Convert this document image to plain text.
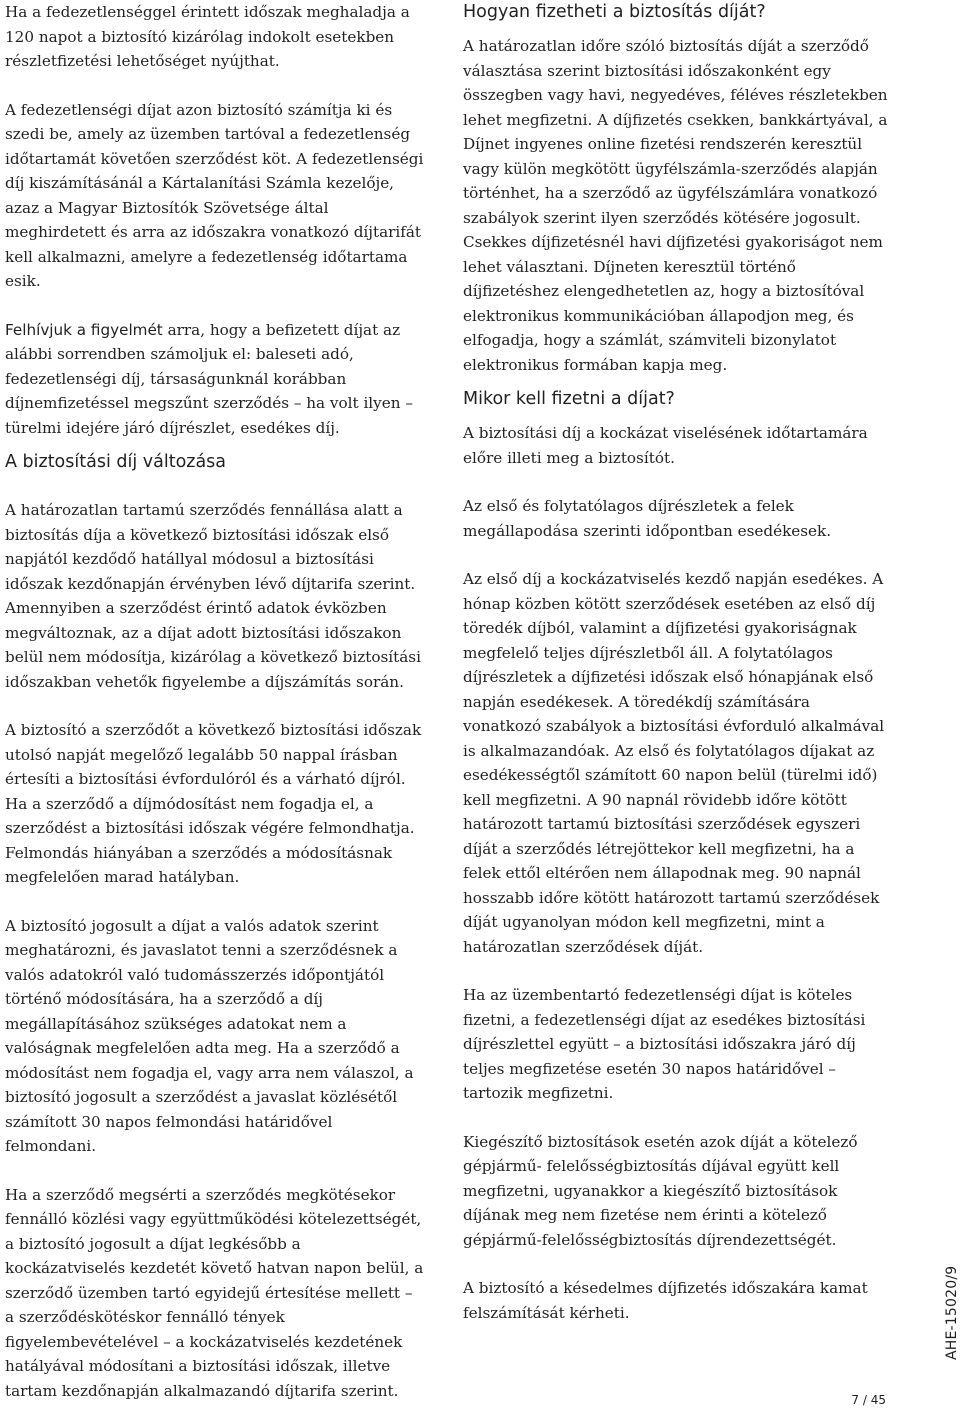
Ha a fedezetlenséggel érintett időszak meghaladja a 120 napot a biztosító kizárólag indokolt esetekben részletfizetési lehetőséget nyújthat.

A fedezetlenségi díjat azon biztosító számítja ki és szedi be, amely az üzemben tartóval a fedezetlenség időtartamát követően szerződést köt. A fedezetlenségi díj kiszámításánál a Kártalanítási Számla kezelője, azaz a Magyar Biztosítók Szövetsége által meghirdetett és arra az időszakra vonatkozó díjtarifát kell alkalmazni, amelyre a fedezetlenség időtartama esik.

Felhívjuk a figyelmét arra, hogy a befizetett díjat az alábbi sorrendben számoljuk el: baleseti adó, fedezetlenségi díj, társaságunknál korábban díjnemfizetéssel megszűnt szerződés – ha volt ilyen – türelmi idejére járó díjrészlet, esedékes díj.

A biztosítási díj változása

A határozatlan tartamú szerződés fennállása alatt a biztosítás díja a következő biztosítási időszak első napjától kezdődő hatállyal módosul a biztosítási időszak kezdőnapján érvényben lévő díjtarifa szerint. Amennyiben a szerződést érintő adatok évközben megváltoznak, az a díjat adott biztosítási időszakon belül nem módosítja, kizárólag a következő biztosítási időszakban vehetők figyelembe a díjszámítás során.

A biztosító a szerződőt a következő biztosítási időszak utolsó napját megelőző legalább 50 nappal írásban értesíti a biztosítási évfordulóról és a várható díjról. Ha a szerződő a díjmódosítást nem fogadja el, a szerződést a biztosítási időszak végére felmondhatja. Felmondás hiányában a szerződés a módosításnak megfelelően marad hatályban.

A biztosító jogosult a díjat a valós adatok szerint meghatározni, és javaslatot tenni a szerződésnek a valós adatokról való tudomásszerzés időpontjától történő módosítására, ha a szerződő a díj megállapításához szükséges adatokat nem a valóságnak megfelelően adta meg. Ha a szerződő a módosítást nem fogadja el, vagy arra nem válaszol, a biztosító jogosult a szerződést a javaslat közlésétől számított 30 napos felmondási határidővel felmondani.

Ha a szerződő megsérti a szerződés megkötésekor fennálló közlési vagy együttműködési kötelezettségét, a biztosító jogosult a díjat legkésőbb a kockázatviselés kezdetét követő hatvan napon belül, a szerződő üzemben tartó egyidejű értesítése mellett – a szerződéskötéskor fennálló tények figyelembevételével – a kockázatviselés kezdetének hatályával módosítani a biztosítási időszak, illetve tartam kezdőnapján alkalmazandó díjtarifa szerint.

Hogyan fizetheti a biztosítás díját?

A határozatlan időre szóló biztosítás díját a szerződő választása szerint biztosítási időszakonként egy összegben vagy havi, negyedéves, féléves részletekben lehet megfizetni. A díjfizetés csekken, bankkártyával, a Díjnet ingyenes online fizetési rendszerén keresztül vagy külön megkötött ügyfélszámla-szerződés alapján történhet, ha a szerződő az ügyfélszámlára vonatkozó szabályok szerint ilyen szerződés kötésére jogosult. Csekkes díjfizetésnél havi díjfizetési gyakoriságot nem lehet választani. Díjneten keresztül történő díjfizetéshez elengedhetetlen az, hogy a biztosítóval elektronikus kommunikációban állapodjon meg, és elfogadja, hogy a számlát, számviteli bizonylatot elektronikus formában kapja meg.

Mikor kell fizetni a díjat?

A biztosítási díj a kockázat viselésének időtartamára előre illeti meg a biztosítót.

Az első és folytatólagos díjrészletek a felek megállapodása szerinti időpontban esedékesek.

Az első díj a kockázatviselés kezdő napján esedékes. A hónap közben kötött szerződések esetében az első díj töredék díjból, valamint a díjfizetési gyakoriságnak megfelelő teljes díjrészletből áll. A folytatólagos díjrészletek a díjfizetési időszak első hónapjának első napján esedékesek. A töredékdíj számítására vonatkozó szabályok a biztosítási évforduló alkalmával is alkalmazandóak. Az első és folytatólagos díjakat az esedékességtől számított 60 napon belül (türelmi idő) kell megfizetni. A 90 napnál rövidebb időre kötött határozott tartamú biztosítási szerződések egyszeri díját a szerződés létrejöttekor kell megfizetni, ha a felek ettől eltérően nem állapodnak meg. 90 napnál hosszabb időre kötött határozott tartamú szerződések díját ugyanolyan módon kell megfizetni, mint a határozatlan szerződések díját.

Ha az üzembentartó fedezetlenségi díjat is köteles fizetni, a fedezetlenségi díjat az esedékes biztosítási díjrészlettel együtt – a biztosítási időszakra járó díj teljes megfizetése esetén 30 napos határidővel – tartozik megfizetni.

Kiegészítő biztosítások esetén azok díját a kötelező gépjármű- felelősségbiztosítás díjával együtt kell megfizetni, ugyanakkor a kiegészítő biztosítások díjának meg nem fizetése nem érinti a kötelező gépjármű-felelősségbiztosítás díjrendezettségét.

A biztosító a késedelmes díjfizetés időszakára kamat felszámítását kérheti.	AHE-15020/9
7 / 45
